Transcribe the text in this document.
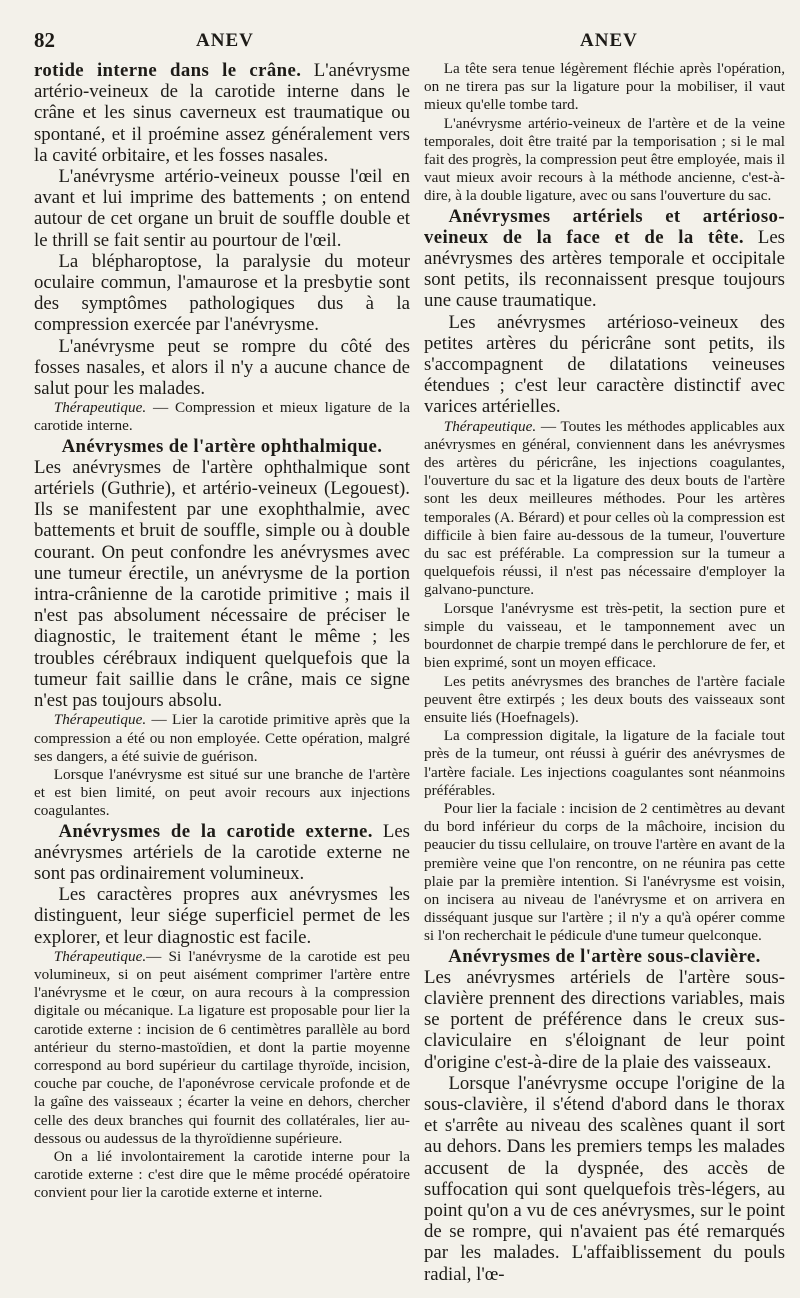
82	ANEV	ANEV

rotide interne dans le crâne. L'anévrysme artério-veineux de la carotide interne dans le crâne et les sinus caverneux est traumatique ou spontané, et il proémine assez généralement vers la cavité orbitaire, et les fosses nasales.

L'anévrysme artério-veineux pousse l'œil en avant et lui imprime des battements ; on entend autour de cet organe un bruit de souffle double et le thrill se fait sentir au pourtour de l'œil.

La blépharoptose, la paralysie du moteur oculaire commun, l'amaurose et la presbytie sont des symptômes pathologiques dus à la compression exercée par l'anévrysme.

L'anévrysme peut se rompre du côté des fosses nasales, et alors il n'y a aucune chance de salut pour les malades.

Thérapeutique. — Compression et mieux ligature de la carotide interne.

Anévrysmes de l'artère ophthalmique.

Les anévrysmes de l'artère ophthalmique sont artériels (Guthrie), et artério-veineux (Legouest). Ils se manifestent par une exophthalmie, avec battements et bruit de souffle, simple ou à double courant. On peut confondre les anévrysmes avec une tumeur érectile, un anévrysme de la portion intra-crânienne de la carotide primitive ; mais il n'est pas absolument nécessaire de préciser le diagnostic, le traitement étant le même ; les troubles cérébraux indiquent quelquefois que la tumeur fait saillie dans le crâne, mais ce signe n'est pas toujours absolu.

Thérapeutique. — Lier la carotide primitive après que la compression a été ou non employée. Cette opération, malgré ses dangers, a été suivie de guérison.

Lorsque l'anévrysme est situé sur une branche de l'artère et est bien limité, on peut avoir recours aux injections coagulantes.

Anévrysmes de la carotide externe. Les anévrysmes artériels de la carotide externe ne sont pas ordinairement volumineux.

Les caractères propres aux anévrysmes les distinguent, leur siége superficiel permet de les explorer, et leur diagnostic est facile.

Thérapeutique.— Si l'anévrysme de la carotide est peu volumineux, si on peut aisément comprimer l'artère entre l'anévrysme et le cœur, on aura recours à la compression digitale ou mécanique. La ligature est proposable pour lier la carotide externe : incision de 6 centimètres parallèle au bord antérieur du sterno-mastoïdien, et dont la partie moyenne correspond au bord supérieur du cartilage thyroïde, incision, couche par couche, de l'aponévrose cervicale profonde et de la gaîne des vaisseaux ; écarter la veine en dehors, chercher celle des deux branches qui fournit des collatérales, lier au-dessous ou audessus de la thyroïdienne supérieure.

On a lié involontairement la carotide interne pour la carotide externe : c'est dire que le même procédé opératoire convient pour lier la carotide externe et interne.

La tête sera tenue légèrement fléchie après l'opération, on ne tirera pas sur la ligature pour la mobiliser, il vaut mieux qu'elle tombe tard.

L'anévrysme artério-veineux de l'artère et de la veine temporales, doit être traité par la temporisation ; si le mal fait des progrès, la compression peut être employée, mais il vaut mieux avoir recours à la méthode ancienne, c'est-à-dire, à la double ligature, avec ou sans l'ouverture du sac.

Anévrysmes artériels et artérioso-veineux de la face et de la tête. Les anévrysmes des artères temporale et occipitale sont petits, ils reconnaissent presque toujours une cause traumatique.

Les anévrysmes artérioso-veineux des petites artères du péricrâne sont petits, ils s'accompagnent de dilatations veineuses étendues ; c'est leur caractère distinctif avec varices artérielles.

Thérapeutique. — Toutes les méthodes applicables aux anévrysmes en général, conviennent dans les anévrysmes des artères du péricrâne, les injections coagulantes, l'ouverture du sac et la ligature des deux bouts de l'artère sont les deux meilleures méthodes. Pour les artères temporales (A. Bérard) et pour celles où la compression est difficile à bien faire au-dessous de la tumeur, l'ouverture du sac est préférable. La compression sur la tumeur a quelquefois réussi, il n'est pas nécessaire d'employer la galvano-puncture.

Lorsque l'anévrysme est très-petit, la section pure et simple du vaisseau, et le tamponnement avec un bourdonnet de charpie trempé dans le perchlorure de fer, et bien exprimé, sont un moyen efficace.

Les petits anévrysmes des branches de l'artère faciale peuvent être extirpés ; les deux bouts des vaisseaux sont ensuite liés (Hoefnagels).

La compression digitale, la ligature de la faciale tout près de la tumeur, ont réussi à guérir des anévrysmes de l'artère faciale. Les injections coagulantes sont néanmoins préférables.

Pour lier la faciale : incision de 2 centimètres au devant du bord inférieur du corps de la mâchoire, incision du peaucier du tissu cellulaire, on trouve l'artère en avant de la première veine que l'on rencontre, on ne réunira pas cette plaie par la première intention. Si l'anévrysme est voisin, on incisera au niveau de l'anévrysme et on arrivera en disséquant jusque sur l'artère ; il n'y a qu'à opérer comme si l'on recherchait le pédicule d'une tumeur quelconque.

Anévrysmes de l'artère sous-clavière.

Les anévrysmes artériels de l'artère sous-clavière prennent des directions variables, mais se portent de préférence dans le creux sus-claviculaire en s'éloignant de leur point d'origine c'est-à-dire de la plaie des vaisseaux.

Lorsque l'anévrysme occupe l'origine de la sous-clavière, il s'étend d'abord dans le thorax et s'arrête au niveau des scalènes quant il sort au dehors. Dans les premiers temps les malades accusent de la dyspnée, des accès de suffocation qui sont quelquefois très-légers, au point qu'on a vu de ces anévrysmes, sur le point de se rompre, qui n'avaient pas été remarqués par les malades. L'affaiblissement du pouls radial, l'œ-
